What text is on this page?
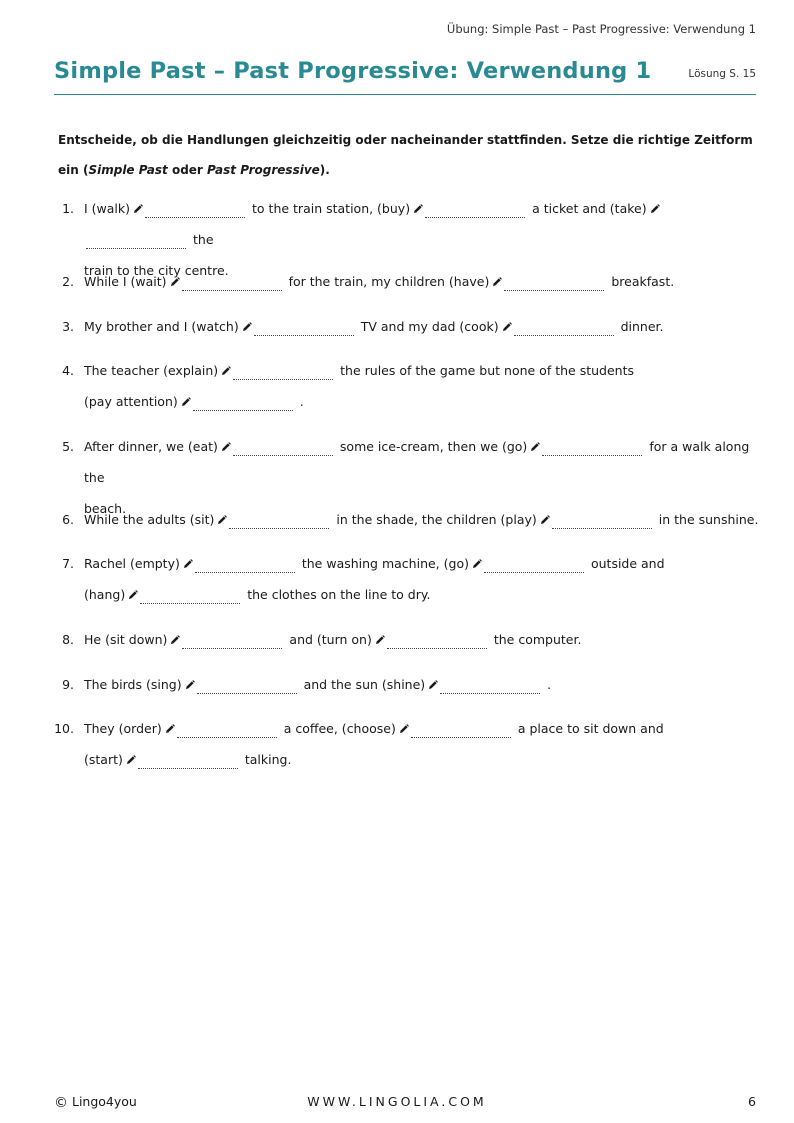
Übung: Simple Past – Past Progressive: Verwendung 1
Simple Past – Past Progressive: Verwendung 1	Lösung S. 15
Entscheide, ob die Handlungen gleichzeitig oder nacheinander stattfinden. Setze die richtige Zeitform ein (Simple Past oder Past Progressive).
1. I (walk)	to the train station, (buy)	a ticket and (take)the
train to the city centre.
2. While I (wait)	for the train, my children (have)	breakfast.
3. My brother and I (watch)	TV and my dad (cook)	dinner.
4. The teacher (explain)	the rules of the game but none of the students
(pay attention)	.
5. After dinner, we (eat)	some ice-cream, then we (go)	for a walk along the
beach.
6. While the adults (sit)	in the shade, the children (play)	in the sunshine.
7. Rachel (empty)	the washing machine, (go)	outside and
(hang)	the clothes on the line to dry.
8. He (sit down)	and (turn on)	the computer.
9. The birds (sing)	and the sun (shine)	.
10. They (order)	a coffee, (choose)	a place to sit down and
(start)	talking.
© Lingo4you	WWW.LINGOLIA.COM	6
